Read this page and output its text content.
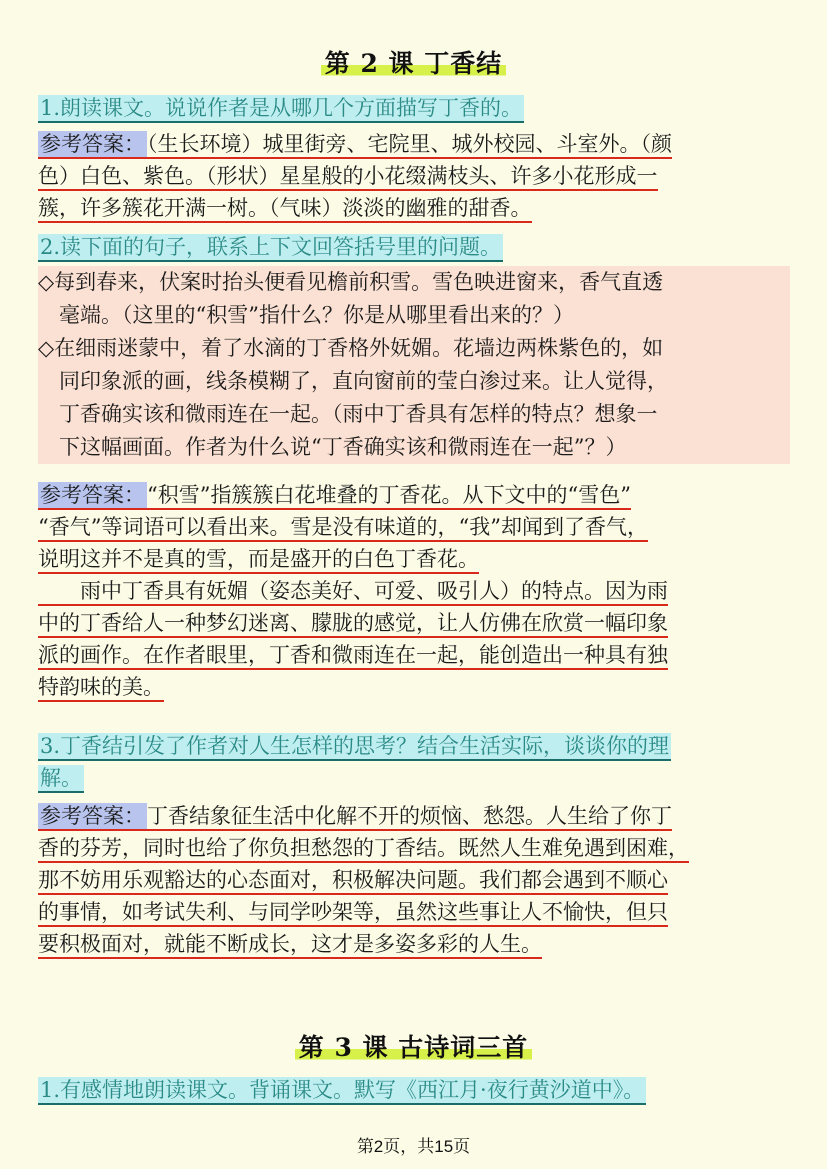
第 2 课 丁香结
1.朗读课文。说说作者是从哪几个方面描写丁香的。
参考答案：（生长环境）城里街旁、宅院里、城外校园、斗室外。（颜
色）白色、紫色。（形状）星星般的小花缀满枝头、许多小花形成一
簇，许多簇花开满一树。（气味）淡淡的幽雅的甜香。
2.读下面的句子，联系上下文回答括号里的问题。
◇每到春来，伏案时抬头便看见檐前积雪。雪色映进窗来，香气直透
　毫端。（这里的“积雪”指什么？你是从哪里看出来的？）
◇在细雨迷蒙中，着了水滴的丁香格外妩媚。花墙边两株紫色的，如
　同印象派的画，线条模糊了，直向窗前的莹白渗过来。让人觉得，
　丁香确实该和微雨连在一起。（雨中丁香具有怎样的特点？想象一
　下这幅画面。作者为什么说“丁香确实该和微雨连在一起”？）
参考答案：“积雪”指簇簇白花堆叠的丁香花。从下文中的“雪色”
“香气”等词语可以看出来。雪是没有味道的，“我”却闻到了香气，
说明这并不是真的雪，而是盛开的白色丁香花。
　　雨中丁香具有妩媚（姿态美好、可爱、吸引人）的特点。因为雨
中的丁香给人一种梦幻迷离、朦胧的感觉，让人仿佛在欣赏一幅印象
派的画作。在作者眼里，丁香和微雨连在一起，能创造出一种具有独
特韵味的美。
3.丁香结引发了作者对人生怎样的思考？结合生活实际，谈谈你的理
解。
参考答案：丁香结象征生活中化解不开的烦恼、愁怨。人生给了你丁
香的芬芳，同时也给了你负担愁怨的丁香结。既然人生难免遇到困难，
那不妨用乐观豁达的心态面对，积极解决问题。我们都会遇到不顺心
的事情，如考试失利、与同学吵架等，虽然这些事让人不愉快，但只
要积极面对，就能不断成长，这才是多姿多彩的人生。
第 3 课 古诗词三首
1.有感情地朗读课文。背诵课文。默写《西江月·夜行黄沙道中》。
第2页，共15页
